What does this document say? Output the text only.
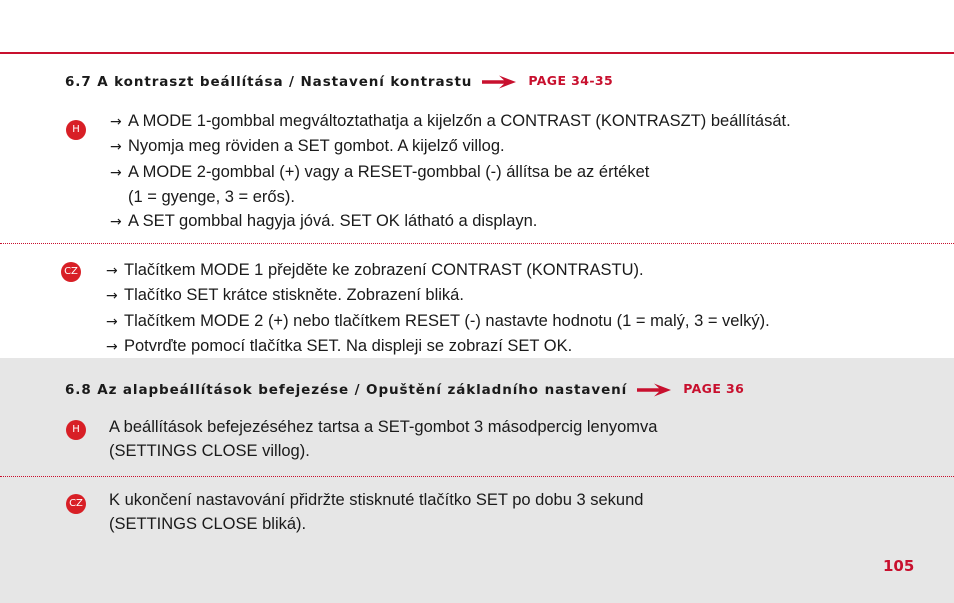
6.7 A kontraszt beállítása / Nastavení kontrastu	PAGE 34-35
H	→ A MODE 1-gombbal megváltoztathatja a kijelzőn a CONTRAST (KONTRASZT) beállítását.
→ Nyomja meg röviden a SET gombot. A kijelző villog.
→ A MODE 2-gombbal (+) vagy a RESET-gombbal (-) állítsa be az értéket
(1 = gyenge, 3 = erős).
→ A SET gombbal hagyja jóvá. SET OK látható a displayn.
CZ → Tlačítkem MODE 1 přejděte ke zobrazení CONTRAST (KONTRASTU).
→ Tlačítko SET krátce stiskněte. Zobrazení bliká.
→ Tlačítkem MODE 2 (+) nebo tlačítkem RESET (-) nastavte hodnotu (1 = malý, 3 = velký).
→ Potvrďte pomocí tlačítka SET. Na displeji se zobrazí SET OK.
6.8 Az alapbeállítások befejezése / Opuštění základního nastavení	PAGE 36
H	A beállítások befejezéséhez tartsa a SET-gombot 3 másodpercig lenyomva
(SETTINGS CLOSE villog).
CZ K ukončení nastavování přidržte stisknuté tlačítko SET po dobu 3 sekund
(SETTINGS CLOSE bliká).
105
